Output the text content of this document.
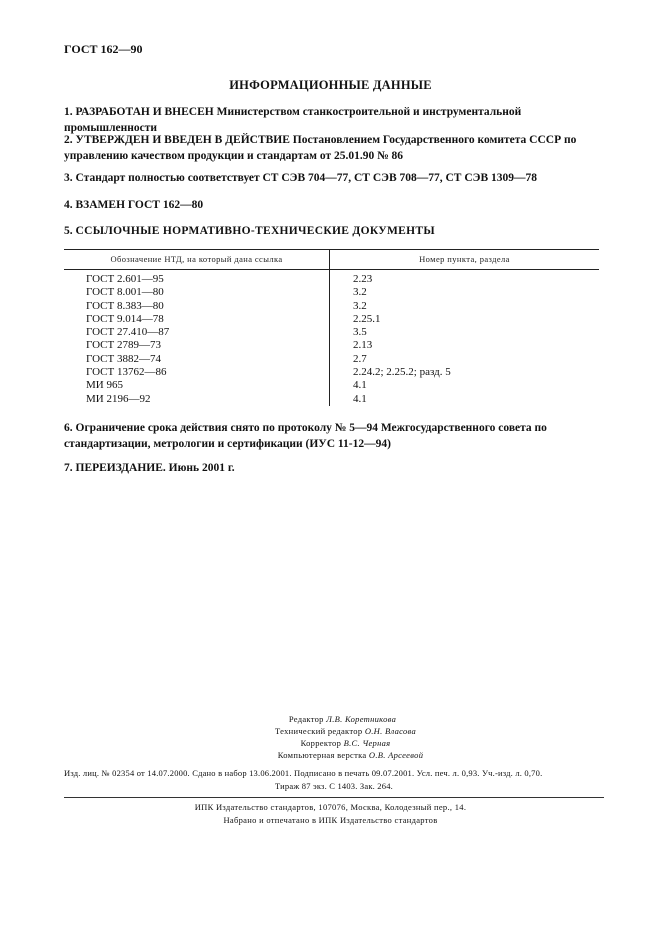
ГОСТ 162—90
ИНФОРМАЦИОННЫЕ ДАННЫЕ
1. РАЗРАБОТАН И ВНЕСЕН Министерством станкостроительной и инструментальной промышленности
2. УТВЕРЖДЕН И ВВЕДЕН В ДЕЙСТВИЕ Постановлением Государственного комитета СССР по управлению качеством продукции и стандартам от 25.01.90 № 86
3. Стандарт полностью соответствует СТ СЭВ 704—77, СТ СЭВ 708—77, СТ СЭВ 1309—78
4. ВЗАМЕН ГОСТ 162—80
5. ССЫЛОЧНЫЕ НОРМАТИВНО-ТЕХНИЧЕСКИЕ ДОКУМЕНТЫ
Обозначение НТД, на который дана ссылка	Номер пункта, раздела
ГОСТ 2.601—95	2.23
ГОСТ 8.001—80	3.2
ГОСТ 8.383—80	3.2
ГОСТ 9.014—78	2.25.1
ГОСТ 27.410—87	3.5
ГОСТ 2789—73	2.13
ГОСТ 3882—74	2.7
ГОСТ 13762—86	2.24.2; 2.25.2; разд. 5
МИ 965	4.1
МИ 2196—92	4.1
6. Ограничение срока действия снято по протоколу № 5—94 Межгосударственного совета по стандартизации, метрологии и сертификации (ИУС 11-12—94)
7. ПЕРЕИЗДАНИЕ. Июнь 2001 г.
Редактор Л.В. Коретникова
Технический редактор О.Н. Власова
Корректор В.С. Черная
Компьютерная верстка О.В. Арсеевой
Изд. лиц. № 02354 от 14.07.2000. Сдано в набор 13.06.2001. Подписано в печать 09.07.2001. Усл. печ. л. 0,93. Уч.-изд. л. 0,70.
Тираж 87 экз. С 1403. Зак. 264.
ИПК Издательство стандартов, 107076, Москва, Колодезный пер., 14.
Набрано и отпечатано в ИПК Издательство стандартов
